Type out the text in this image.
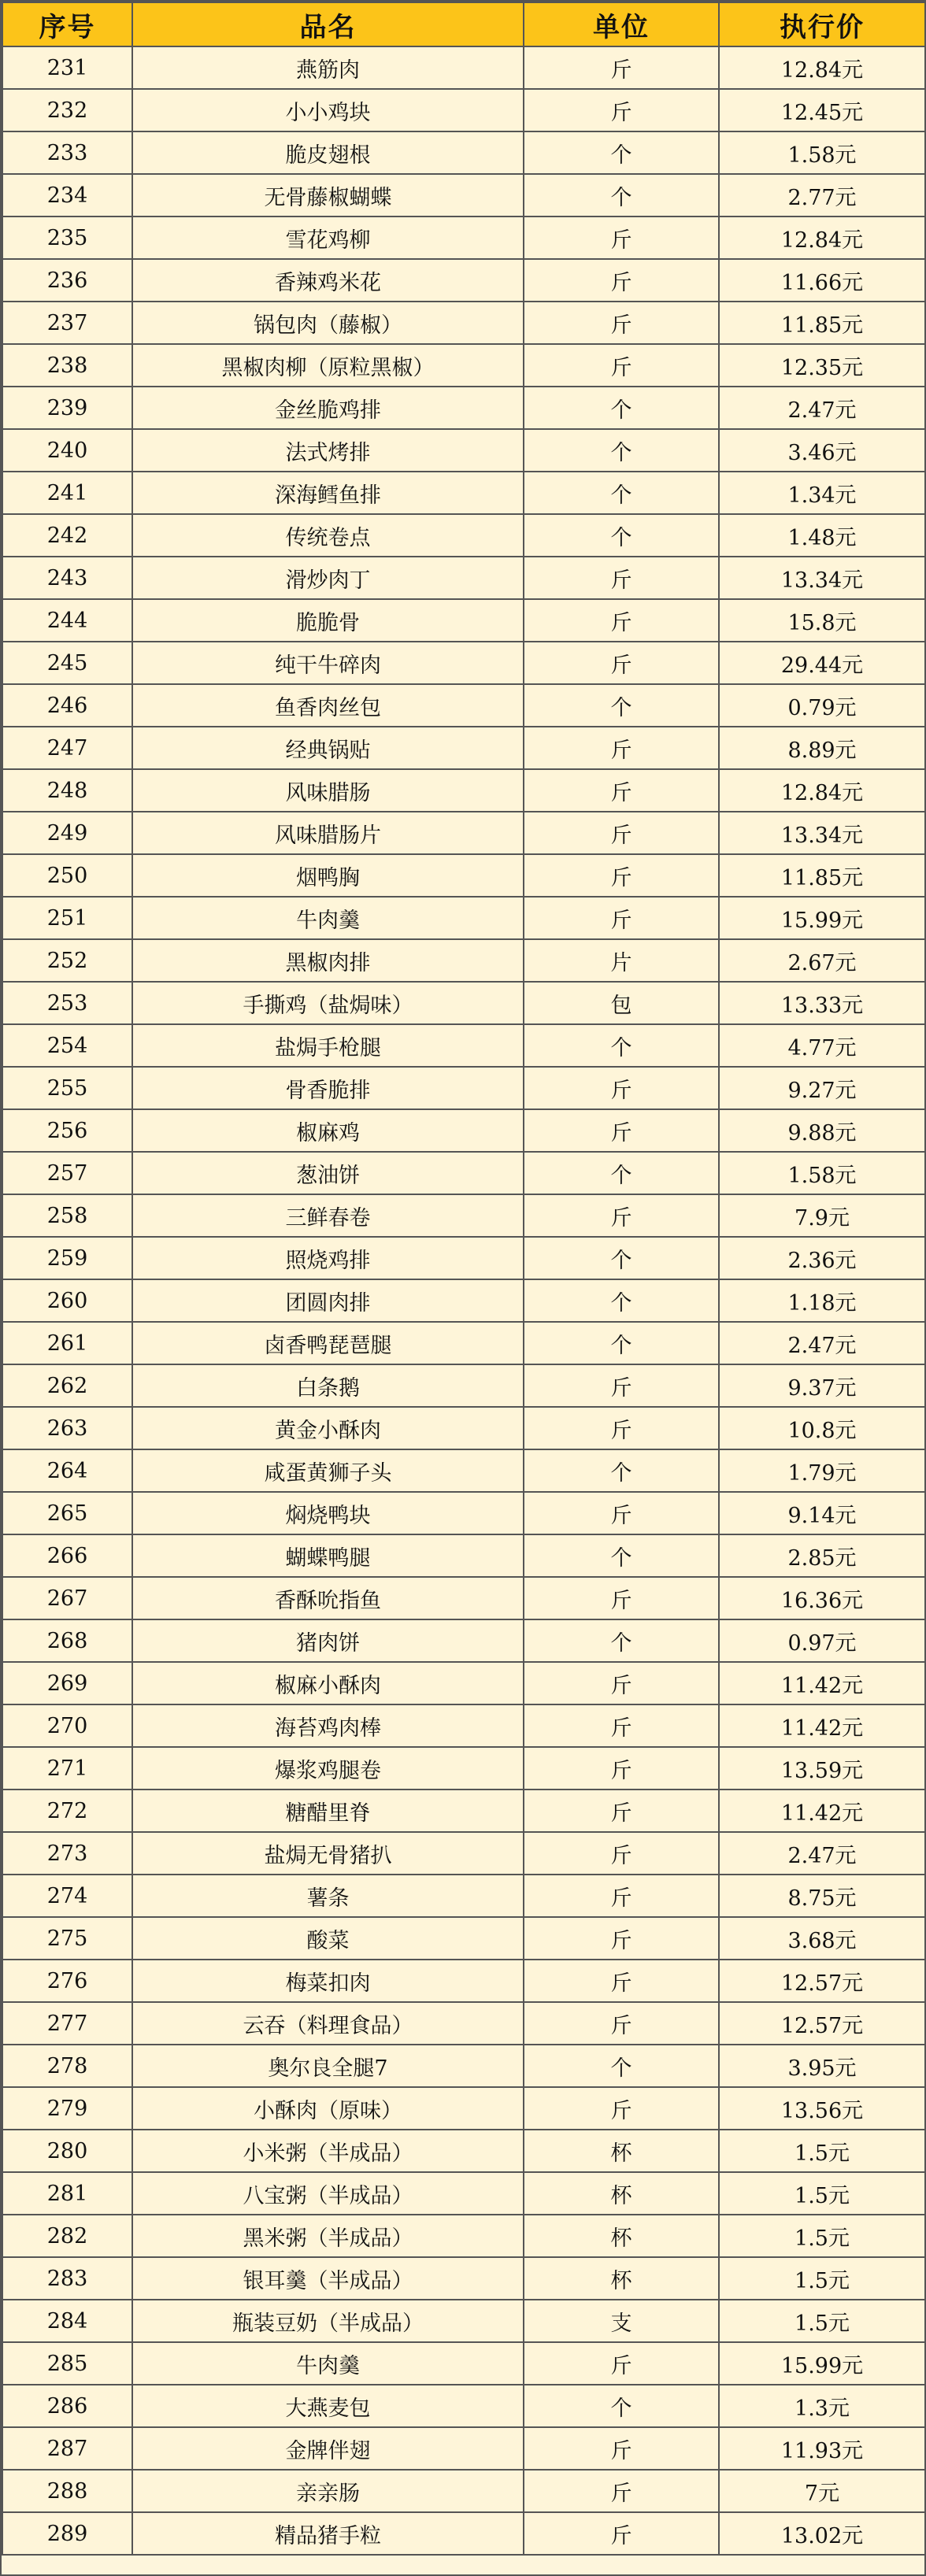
序号	品名	单位	执行价
231	燕筋肉	斤	12.84元
232	小小鸡块	斤	12.45元
233	脆皮翅根	个	1.58元
234	无骨藤椒蝴蝶	个	2.77元
235	雪花鸡柳	斤	12.84元
236	香辣鸡米花	斤	11.66元
237	锅包肉（藤椒）	斤	11.85元
238	黑椒肉柳（原粒黑椒）	斤	12.35元
239	金丝脆鸡排	个	2.47元
240	法式烤排	个	3.46元
241	深海鳕鱼排	个	1.34元
242	传统卷点	个	1.48元
243	滑炒肉丁	斤	13.34元
244	脆脆骨	斤	15.8元
245	纯干牛碎肉	斤	29.44元
246	鱼香肉丝包	个	0.79元
247	经典锅贴	斤	8.89元
248	风味腊肠	斤	12.84元
249	风味腊肠片	斤	13.34元
250	烟鸭胸	斤	11.85元
251	牛肉羹	斤	15.99元
252	黑椒肉排	片	2.67元
253	手撕鸡（盐焗味）	包	13.33元
254	盐焗手枪腿	个	4.77元
255	骨香脆排	斤	9.27元
256	椒麻鸡	斤	9.88元
257	葱油饼	个	1.58元
258	三鲜春卷	斤	7.9元
259	照烧鸡排	个	2.36元
260	团圆肉排	个	1.18元
261	卤香鸭琵琶腿	个	2.47元
262	白条鹅	斤	9.37元
263	黄金小酥肉	斤	10.8元
264	咸蛋黄狮子头	个	1.79元
265	焖烧鸭块	斤	9.14元
266	蝴蝶鸭腿	个	2.85元
267	香酥吮指鱼	斤	16.36元
268	猪肉饼	个	0.97元
269	椒麻小酥肉	斤	11.42元
270	海苔鸡肉棒	斤	11.42元
271	爆浆鸡腿卷	斤	13.59元
272	糖醋里脊	斤	11.42元
273	盐焗无骨猪扒	斤	2.47元
274	薯条	斤	8.75元
275	酸菜	斤	3.68元
276	梅菜扣肉	斤	12.57元
277	云吞（料理食品）	斤	12.57元
278	奥尔良全腿7	个	3.95元
279	小酥肉（原味）	斤	13.56元
280	小米粥（半成品）	杯	1.5元
281	八宝粥（半成品）	杯	1.5元
282	黑米粥（半成品）	杯	1.5元
283	银耳羹（半成品）	杯	1.5元
284	瓶装豆奶（半成品）	支	1.5元
285	牛肉羹	斤	15.99元
286	大燕麦包	个	1.3元
287	金牌伴翅	斤	11.93元
288	亲亲肠	斤	7元
289	精品猪手粒	斤	13.02元
